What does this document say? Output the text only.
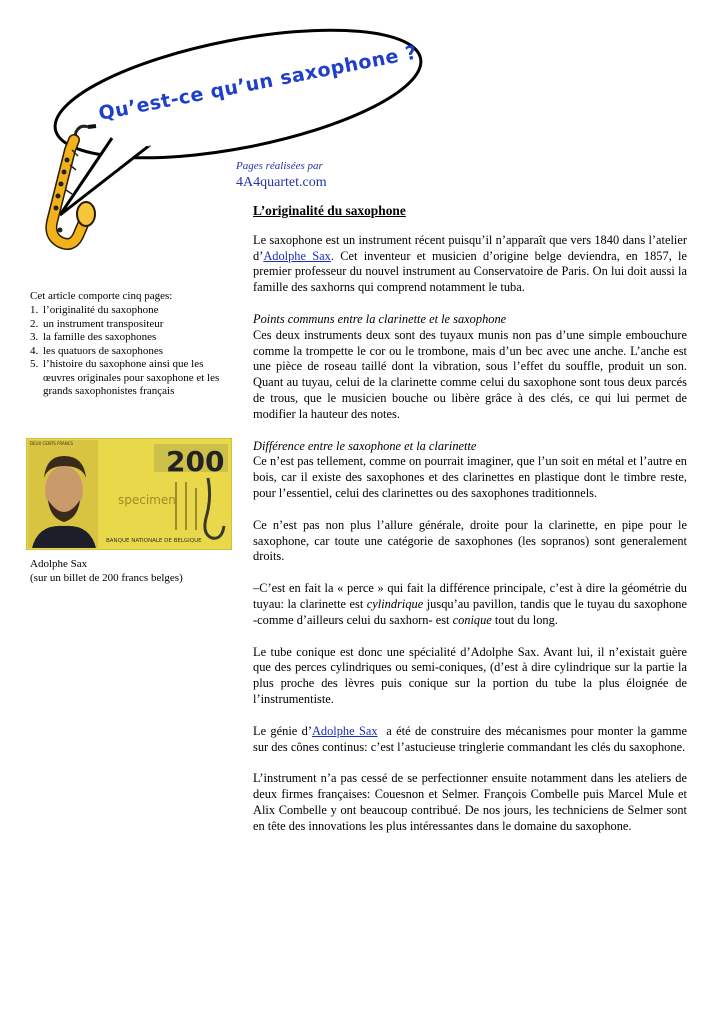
Qu’est-ce qu’un saxophone ?
Pages réalisées par
4A4quartet.com
Cet article comporte cinq pages:
1. l’originalité du saxophone
2. un instrument transpositeur
3. la famille des saxophones
4. les quatuors de saxophones
5. l’histoire du saxophone ainsi que les œuvres originales pour saxophone et les grands saxophonistes français
200
DEUX CENTS FRANCS
specimen
BANQUE NATIONALE DE BELGIQUE
Adolphe Sax
(sur un billet de 200 francs belges)
L’originalité du saxophone

Le saxophone est un instrument récent puisqu’il n’apparaît que vers 1840 dans l’atelier d’Adolphe Sax. Cet inventeur et musicien d’origine belge deviendra, en 1857, le premier professeur du nouvel instrument au Conservatoire de Paris. On lui doit aussi la famille des saxhorns qui comprend notamment le tuba.

Points communs entre la clarinette et le saxophone
Ces deux instruments deux sont des tuyaux munis non pas d’une simple embouchure comme la trompette le cor ou le trombone, mais d’un bec avec une anche. L’anche est une pièce de roseau taillé dont la vibration, sous l’effet du souffle, produit un son. Quant au tuyau, celui de la clarinette comme celui du saxophone sont tous deux parcés de trous, que le musicien bouche ou libère grâce à des clés, ce qui lui permet de modifier la hauteur des notes.

Différence entre le saxophone et la clarinette
Ce n’est pas tellement, comme on pourrait imaginer, que l’un soit en métal et l’autre en bois, car il existe des saxophones et des clarinettes en plastique dont le timbre reste, pour l’essentiel, celui des clarinettes ou des saxophones traditionnels.

Ce n’est pas non plus l’allure générale, droite pour la clarinette, en pipe pour le saxophone, car toute une catégorie de saxophones (les sopranos) sont generalement droits.

–C’est en fait la « perce » qui fait la différence principale, c’est à dire la géométrie du tuyau: la clarinette est cylindrique jusqu’au pavillon, tandis que le tuyau du saxophone -comme d’ailleurs celui du saxhorn- est conique tout du long.

Le tube conique est donc une spécialité d’Adolphe Sax. Avant lui, il n’existait guère que des perces cylindriques ou semi-coniques, (d’est à dire cylindrique sur la partie la plus proche des lèvres puis conique sur la portion du tube la plus éloignée de l’instrumentiste.

Le génie d’Adolphe Sax  a été de construire des mécanismes pour monter la gamme sur des cônes continus: c’est l’astucieuse tringlerie commandant les clés du saxophone.

L’instrument n’a pas cessé de se perfectionner ensuite notamment dans les ateliers de deux firmes françaises: Couesnon et Selmer. François Combelle puis Marcel Mule et Alix Combelle y ont beaucoup contribué. De nos jours, les techniciens de Selmer sont en tête des innovations les plus intéressantes dans le domaine du saxophone.
